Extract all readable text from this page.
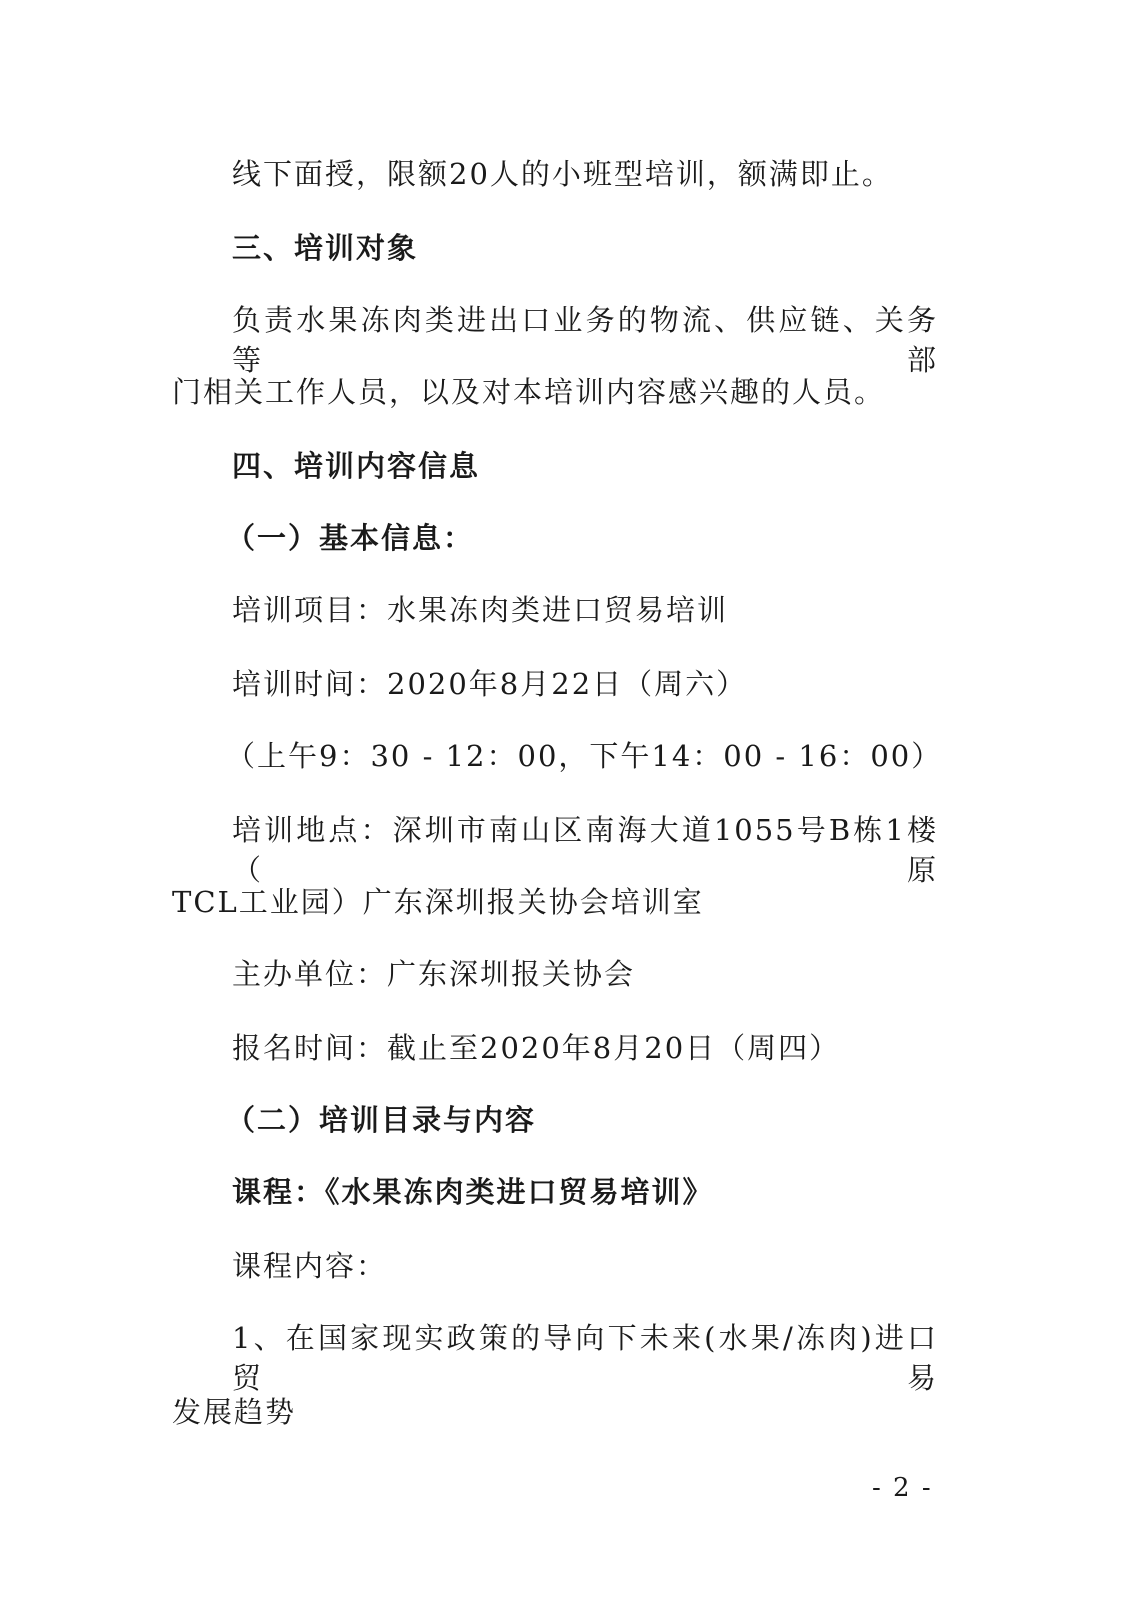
线下面授，限额20人的小班型培训，额满即止。
三、培训对象
负责水果冻肉类进出口业务的物流、供应链、关务等部
门相关工作人员，以及对本培训内容感兴趣的人员。
四、培训内容信息
（一）基本信息：
培训项目：水果冻肉类进口贸易培训
培训时间：2020年8月22日（周六）
（上午9：30 - 12：00，下午14：00 - 16：00）
培训地点：深圳市南山区南海大道1055号B栋1楼（原
TCL工业园）广东深圳报关协会培训室
主办单位：广东深圳报关协会
报名时间：截止至2020年8月20日（周四）
（二）培训目录与内容
课程：《水果冻肉类进口贸易培训》
课程内容：
1、在国家现实政策的导向下未来(水果/冻肉)进口贸易
发展趋势
- 2 -
